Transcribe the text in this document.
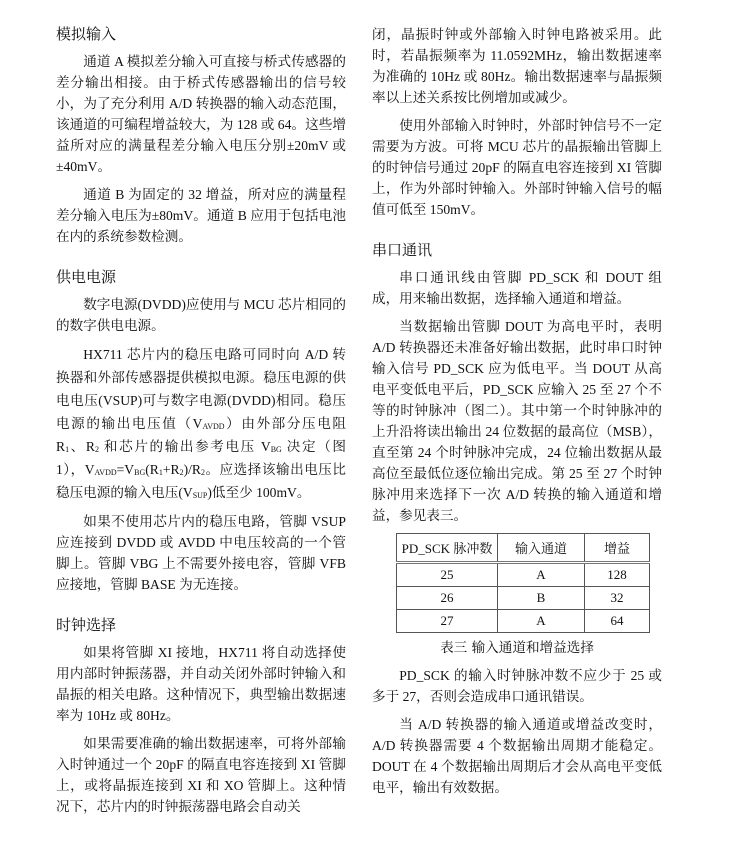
模拟输入

通道 A 模拟差分输入可直接与桥式传感器的差分输出相接。由于桥式传感器输出的信号较小，为了充分利用 A/D 转换器的输入动态范围，该通道的可编程增益较大，为 128 或 64。这些增益所对应的满量程差分输入电压分别±20mV 或±40mV。

通道 B 为固定的 32 增益，所对应的满量程差分输入电压为±80mV。通道 B 应用于包括电池在内的系统参数检测。

供电电源

数字电源(DVDD)应使用与 MCU 芯片相同的的数字供电电源。

HX711 芯片内的稳压电路可同时向 A/D 转换器和外部传感器提供模拟电源。稳压电源的供电电压(VSUP)可与数字电源(DVDD)相同。稳压电源的输出电压值$(V_{AVDD})$由外部分压电阻 $R_1$、$R_2$ 和芯片的输出参考电压 $V_{BG}$ 决定（图 1），$V_{AVDD}=V_{BG}(R_1+R_2)/R_2$。应选择该输出电压比稳压电源的输入电压$(V_{SUP})$低至少 100mV。

如果不使用芯片内的稳压电路，管脚 VSUP 应连接到 DVDD 或 AVDD 中电压较高的一个管脚上。管脚 VBG 上不需要外接电容，管脚 VFB 应接地，管脚 BASE 为无连接。

时钟选择

如果将管脚 XI 接地，HX711 将自动选择使用内部时钟振荡器，并自动关闭外部时钟输入和晶振的相关电路。这种情况下，典型输出数据速率为 10Hz 或 80Hz。

如果需要准确的输出数据速率，可将外部输入时钟通过一个 20pF 的隔直电容连接到 XI 管脚上，或将晶振连接到 XI 和 XO 管脚上。这种情况下，芯片内的时钟振荡器电路会自动关

闭，晶振时钟或外部输入时钟电路被采用。此时，若晶振频率为 11.0592MHz，输出数据速率为准确的 10Hz 或 80Hz。输出数据速率与晶振频率以上述关系按比例增加或减少。

使用外部输入时钟时，外部时钟信号不一定需要为方波。可将 MCU 芯片的晶振输出管脚上的时钟信号通过 20pF 的隔直电容连接到 XI 管脚上，作为外部时钟输入。外部时钟输入信号的幅值可低至 150mV。

串口通讯

串口通讯线由管脚 PD_SCK 和 DOUT 组成，用来输出数据，选择输入通道和增益。

当数据输出管脚 DOUT 为高电平时，表明 A/D 转换器还未准备好输出数据，此时串口时钟输入信号 PD_SCK 应为低电平。当 DOUT 从高电平变低电平后，PD_SCK 应输入 25 至 27 个不等的时钟脉冲（图二）。其中第一个时钟脉冲的上升沿将读出输出 24 位数据的最高位（MSB），直至第 24 个时钟脉冲完成，24 位输出数据从最高位至最低位逐位输出完成。第 25 至 27 个时钟脉冲用来选择下一次 A/D 转换的输入通道和增益，参见表三。

PD_SCK 脉冲数	输入通道	增益
25	A	128
26	B	32
27	A	64
表三 输入通道和增益选择

PD_SCK 的输入时钟脉冲数不应少于 25 或多于 27，否则会造成串口通讯错误。

当 A/D 转换器的输入通道或增益改变时，A/D 转换器需要 4 个数据输出周期才能稳定。DOUT 在 4 个数据输出周期后才会从高电平变低电平，输出有效数据。
